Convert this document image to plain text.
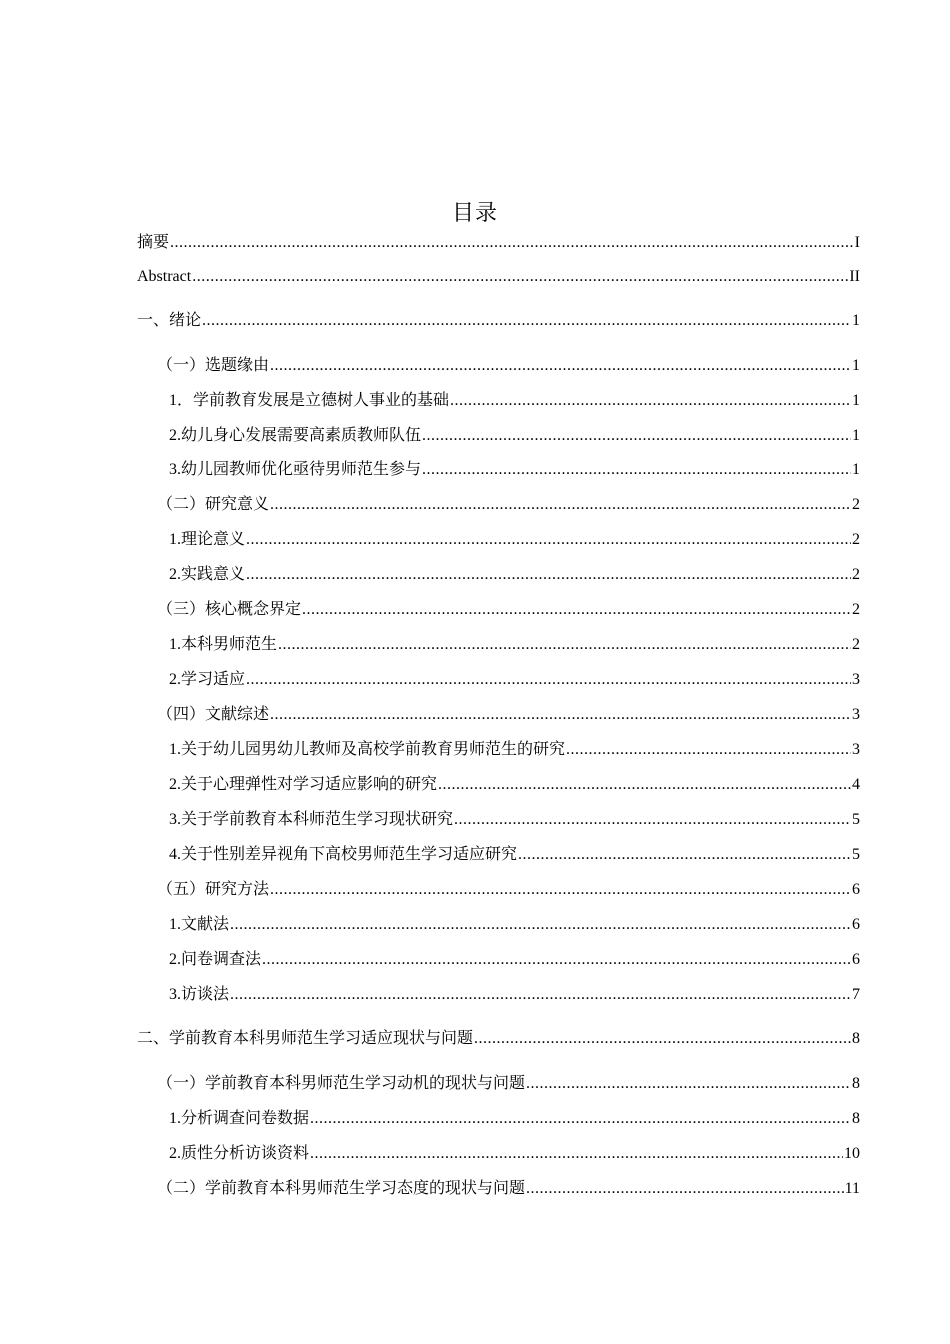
目录
摘要 .....	I
Abstract .....	II
一、绪论 .....	1
（一）选题缘由 .....	1
1．学前教育发展是立德树人事业的基础 .....	1
2.幼儿身心发展需要高素质教师队伍 .....	1
3.幼儿园教师优化亟待男师范生参与 .....	1
（二）研究意义 .....	2
1.理论意义 .....	2
2.实践意义 .....	2
（三）核心概念界定 .....	2
1.本科男师范生 .....	2
2.学习适应 .....	3
（四）文献综述 .....	3
1.关于幼儿园男幼儿教师及高校学前教育男师范生的研究 .....	3
2.关于心理弹性对学习适应影响的研究 .....	4
3.关于学前教育本科师范生学习现状研究 .....	5
4.关于性别差异视角下高校男师范生学习适应研究 .....	5
（五）研究方法 .....	6
1.文献法 .....	6
2.问卷调查法 .....	6
3.访谈法 .....	7
二、学前教育本科男师范生学习适应现状与问题 .....	8
（一）学前教育本科男师范生学习动机的现状与问题 .....	8
1.分析调查问卷数据 .....	8
2.质性分析访谈资料 .....	10
（二）学前教育本科男师范生学习态度的现状与问题 .....	11
